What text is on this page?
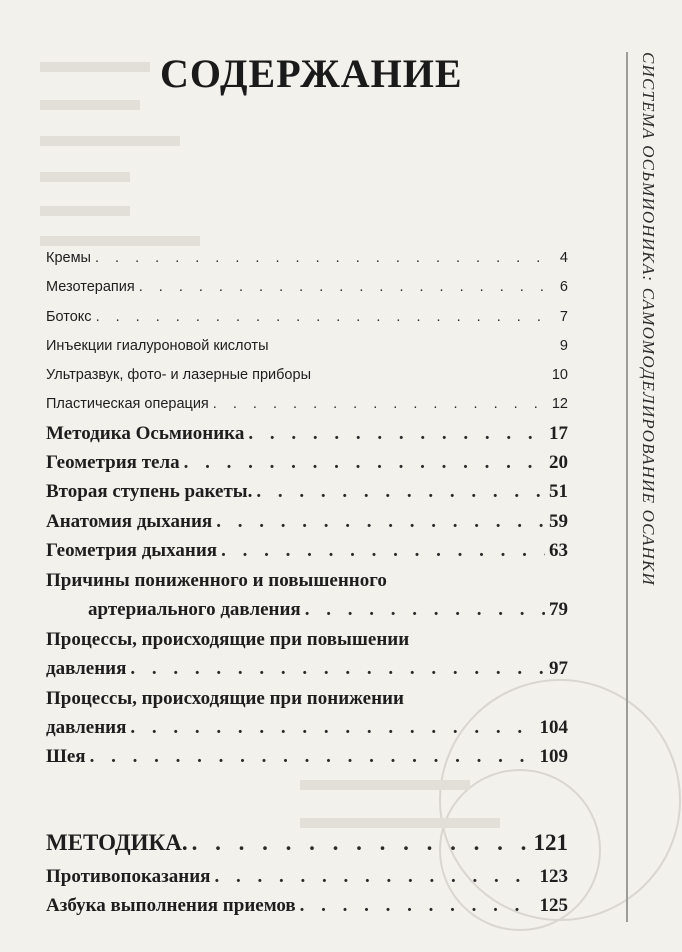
СОДЕРЖАНИЕ	СИСТЕМА ОСЬМИОНИКА: САМОМОДЕЛИРОВАНИЕ ОСАНКИ
Кремы . . .	4
Мезотерапия . . .	6
Ботокс . . .	7
Инъекции гиалуроновой кислоты	9
Ультразвук, фото- и лазерные приборы	10
Пластическая операция . . .	12
Методика Осьмионика . . .	17
Геометрия тела . . .	20
Вторая ступень ракеты. . . .	51
Анатомия дыхания . . .	59
Геометрия дыхания . . .	63
Причины пониженного и повышенного
артериального давления . . .	79
Процессы, происходящие при повышении
давления . . .	97
Процессы, происходящие при понижении
давления . . .	104
Шея . . .	109
МЕТОДИКА. . . .	121
Противопоказания . . .	123
Азбука выполнения приемов . . .	125
